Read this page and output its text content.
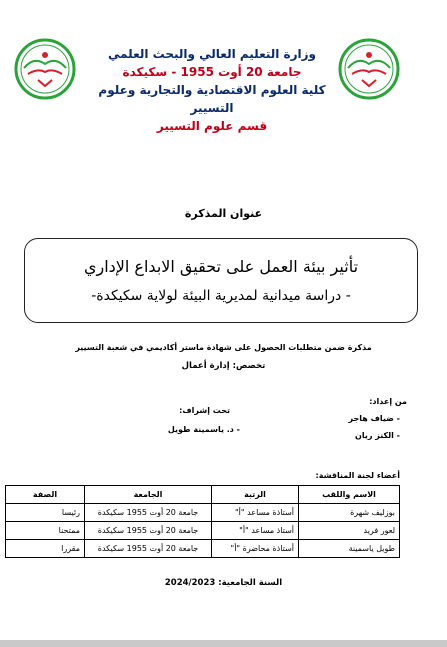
وزارة التعليم العالي والبحث العلمي
جامعة 20 أوت 1955 - سكيكدة
كلية العلوم الاقتصادية والتجارية وعلوم التسيير
قسم علوم التسيير
عنوان المذكرة
تأثير بيئة العمل على تحقيق الابداع الإداري
- دراسة ميدانية لمديرية البيئة لولاية سكيكدة-
مذكرة ضمن متطلبات الحصول على شهادة ماستر أكاديمي في شعبة التسيير
تخصص: إدارة أعمال
من إعداد:
- ضياف هاجر
- الكنز ريان
تحت إشراف:
- د. ياسمينة طويل
أعضاء لجنة المناقشة:
الاسم واللقب	الرتبة	الجامعة	الصفة
بوزليف شهرة	أستاذة مساعد "أ"	جامعة 20 أوت 1955 سكيكدة	رئيسا
لعور فريد	أستاذ مساعد "أ"	جامعة 20 أوت 1955 سكيكدة	ممتحنا
طويل ياسمينة	أستاذة محاضرة "أ"	جامعة 20 أوت 1955 سكيكدة	مقررا
السنة الجامعية: 2024/2023
